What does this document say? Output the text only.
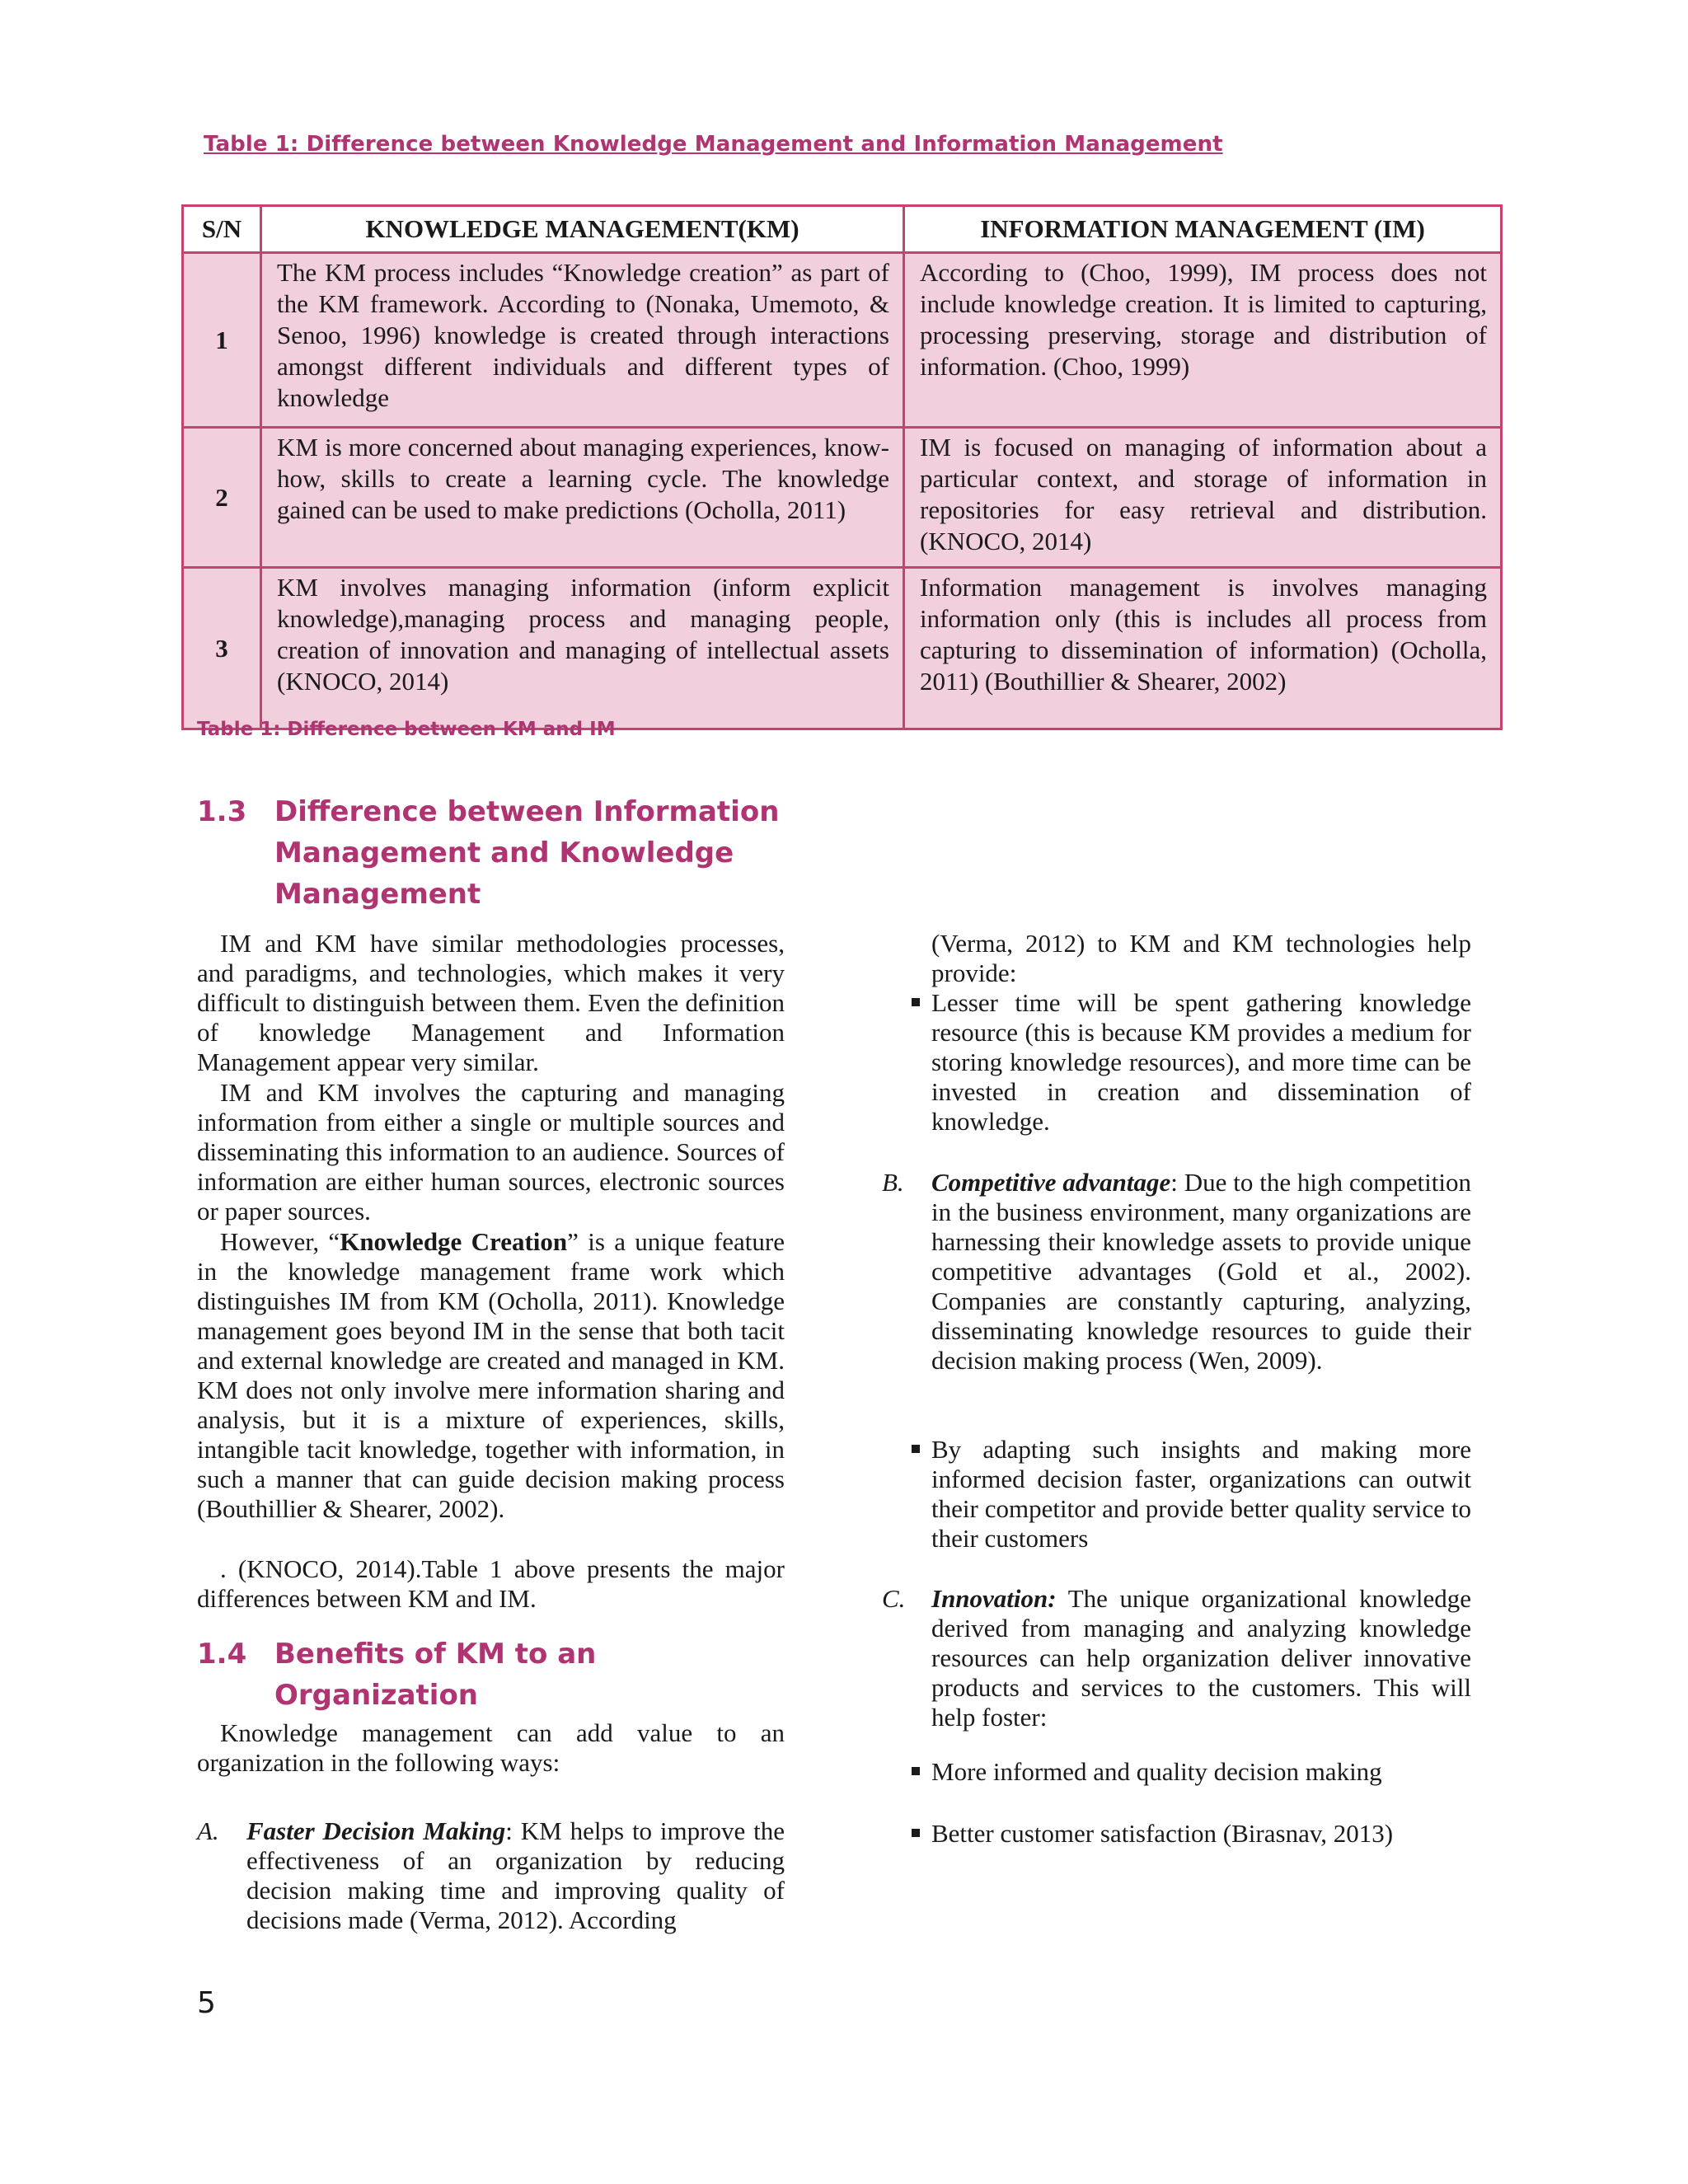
Table 1: Difference between Knowledge Management and Information Management
S/N	KNOWLEDGE MANAGEMENT(KM)	INFORMATION MANAGEMENT (IM)
1	The KM process includes “Knowledge creation” as part of the KM framework. According to (Nonaka, Umemoto, & Senoo, 1996) knowledge is created through interactions amongst different individuals and different types of knowledge	According to (Choo, 1999), IM process does not include knowledge creation. It is limited to capturing, processing preserving, storage and distribution of information. (Choo, 1999)
2	KM is more concerned about managing experiences, know-how, skills to create a learning cycle. The knowledge gained can be used to make predictions (Ocholla, 2011)	IM is focused on managing of information about a particular context, and storage of information in repositories for easy retrieval and distribution. (KNOCO, 2014)
3	KM involves managing information (inform explicit knowledge),managing process and managing people, creation of innovation and managing of intellectual assets (KNOCO, 2014)	Information management is involves managing information only (this is includes all process from capturing to dissemination of information) (Ocholla, 2011) (Bouthillier & Shearer, 2002)
Table 1: Difference between KM and IM
1.3 Difference between Information Management and Knowledge Management
IM and KM have similar methodologies processes, and paradigms, and technologies, which makes it very difficult to distinguish between them. Even the definition of knowledge Management and Information Management appear very similar.
IM and KM involves the capturing and managing information from either a single or multiple sources and disseminating this information to an audience. Sources of information are either human sources, electronic sources or paper sources.
However, “Knowledge Creation” is a unique feature in the knowledge management frame work which distinguishes IM from KM (Ocholla, 2011). Knowledge management goes beyond IM in the sense that both tacit and external knowledge are created and managed in KM. KM does not only involve mere information sharing and analysis, but it is a mixture of experiences, skills, intangible tacit knowledge, together with information, in such a manner that can guide decision making process (Bouthillier & Shearer, 2002).
. (KNOCO, 2014).Table 1 above presents the major differences between KM and IM.
1.4 Benefits of KM to an Organization
Knowledge management can add value to an organization in the following ways:
A. Faster Decision Making: KM helps to improve the effectiveness of an organization by reducing decision making time and improving quality of decisions made (Verma, 2012). According
(Verma, 2012) to KM and KM technologies help provide:
Lesser time will be spent gathering knowledge resource (this is because KM provides a medium for storing knowledge resources), and more time can be invested in creation and dissemination of knowledge.
B. Competitive advantage: Due to the high competition in the business environment, many organizations are harnessing their knowledge assets to provide unique competitive advantages (Gold et al., 2002). Companies are constantly capturing, analyzing, disseminating knowledge resources to guide their decision making process (Wen, 2009).
By adapting such insights and making more informed decision faster, organizations can outwit their competitor and provide better quality service to their customers
C. Innovation: The unique organizational knowledge derived from managing and analyzing knowledge resources can help organization deliver innovative products and services to the customers. This will help foster:
More informed and quality decision making
Better customer satisfaction (Birasnav, 2013)
5
